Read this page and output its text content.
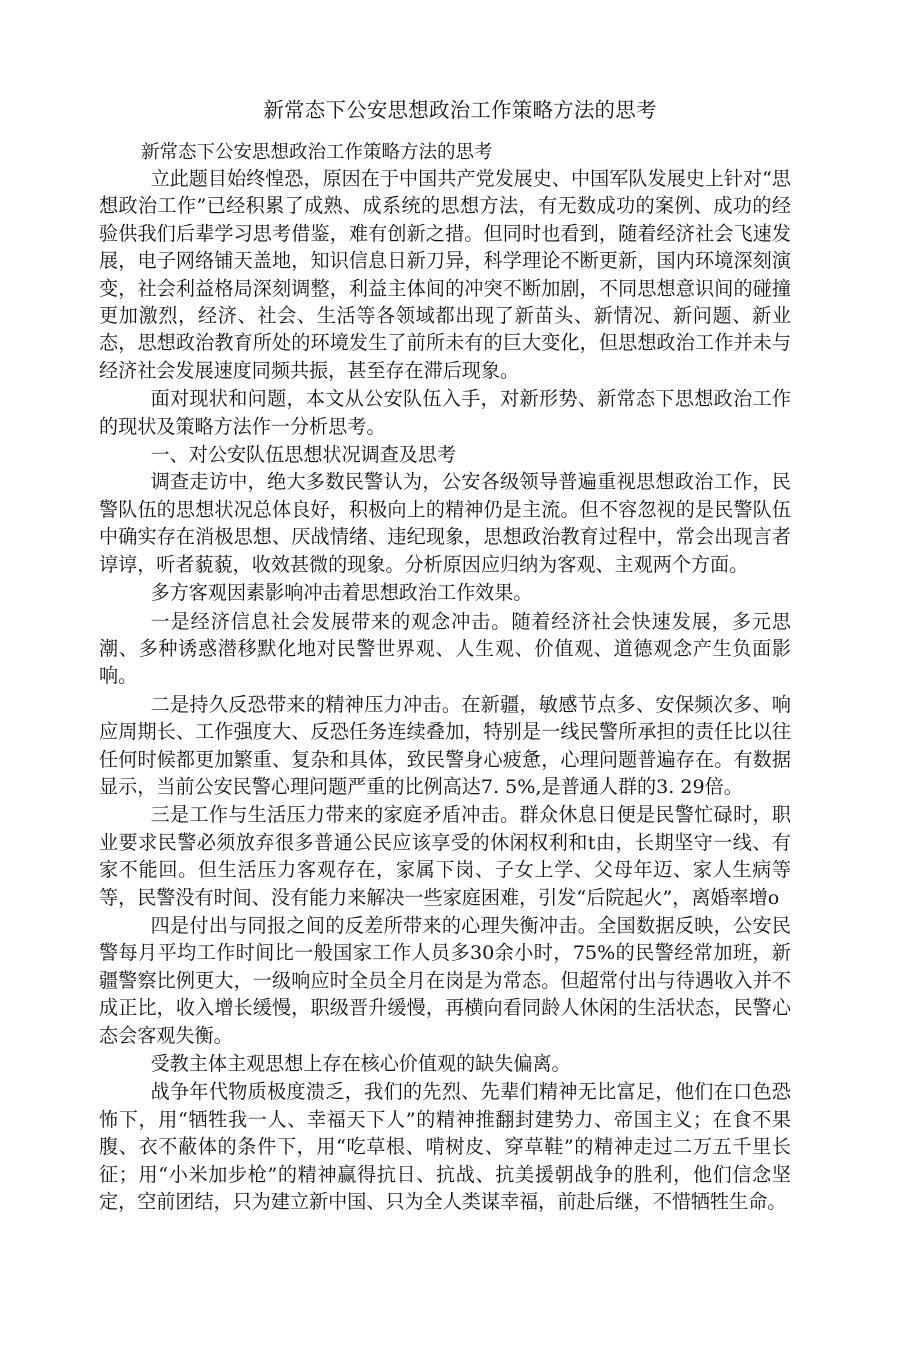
新常态下公安思想政治工作策略方法的思考

新常态下公安思想政治工作策略方法的思考

立此题目始终惶恐，原因在于中国共产党发展史、中国军队发展史上针对“思想政治工作”已经积累了成熟、成系统的思想方法，有无数成功的案例、成功的经验供我们后辈学习思考借鉴，难有创新之措。但同时也看到，随着经济社会飞速发展，电子网络铺天盖地，知识信息日新刀异，科学理论不断更新，国内环境深刻演变，社会利益格局深刻调整，利益主体间的冲突不断加剧，不同思想意识间的碰撞更加激烈，经济、社会、生活等各领域都出现了新苗头、新情况、新问题、新业态，思想政治教育所处的环境发生了前所未有的巨大变化，但思想政治工作并未与经济社会发展速度同频共振，甚至存在滞后现象。

面对现状和问题，本文从公安队伍入手，对新形势、新常态下思想政治工作的现状及策略方法作一分析思考。

一、对公安队伍思想状况调查及思考

调查走访中，绝大多数民警认为，公安各级领导普遍重视思想政治工作，民警队伍的思想状况总体良好，积极向上的精神仍是主流。但不容忽视的是民警队伍中确实存在消极思想、厌战情绪、违纪现象，思想政治教育过程中，常会出现言者谆谆，听者藐藐，收效甚微的现象。分析原因应归纳为客观、主观两个方面。

多方客观因素影响冲击着思想政治工作效果。

一是经济信息社会发展带来的观念冲击。随着经济社会快速发展，多元思潮、多种诱惑潜移默化地对民警世界观、人生观、价值观、道德观念产生负面影响。

二是持久反恐带来的精神压力冲击。在新疆，敏感节点多、安保频次多、响应周期长、工作强度大、反恐任务连续叠加，特别是一线民警所承担的责任比以往任何时候都更加繁重、复杂和具体，致民警身心疲惫，心理问题普遍存在。有数据显示，当前公安民警心理问题严重的比例高达7. 5%,是普通人群的3. 29倍。

三是工作与生活压力带来的家庭矛盾冲击。群众休息日便是民警忙碌时，职业要求民警必须放弃很多普通公民应该享受的休闲权利和t由，长期坚守一线、有家不能回。但生活压力客观存在，家属下岗、子女上学、父母年迈、家人生病等等，民警没有时间、没有能力来解决一些家庭困难，引发“后院起火”，离婚率增o

四是付出与同报之间的反差所带来的心理失衡冲击。全国数据反映，公安民警每月平均工作时间比一般国家工作人员多30余小时，75%的民警经常加班，新疆警察比例更大，一级响应时全员全月在岗是为常态。但超常付出与待遇收入并不成正比，收入增长缓慢，职级晋升缓慢，再横向看同龄人休闲的生活状态，民警心态会客观失衡。

受教主体主观思想上存在核心价值观的缺失偏离。

战争年代物质极度溃乏，我们的先烈、先辈们精神无比富足，他们在口色恐怖下，用“牺牲我一人、幸福天下人”的精神推翻封建势力、帝国主义；在食不果腹、衣不蔽体的条件下，用“吃草根、啃树皮、穿草鞋”的精神走过二万五千里长征；用“小米加步枪”的精神赢得抗日、抗战、抗美援朝战争的胜利，他们信念坚定，空前团结，只为建立新中国、只为全人类谋幸福，前赴后继，不惜牺牲生命。
